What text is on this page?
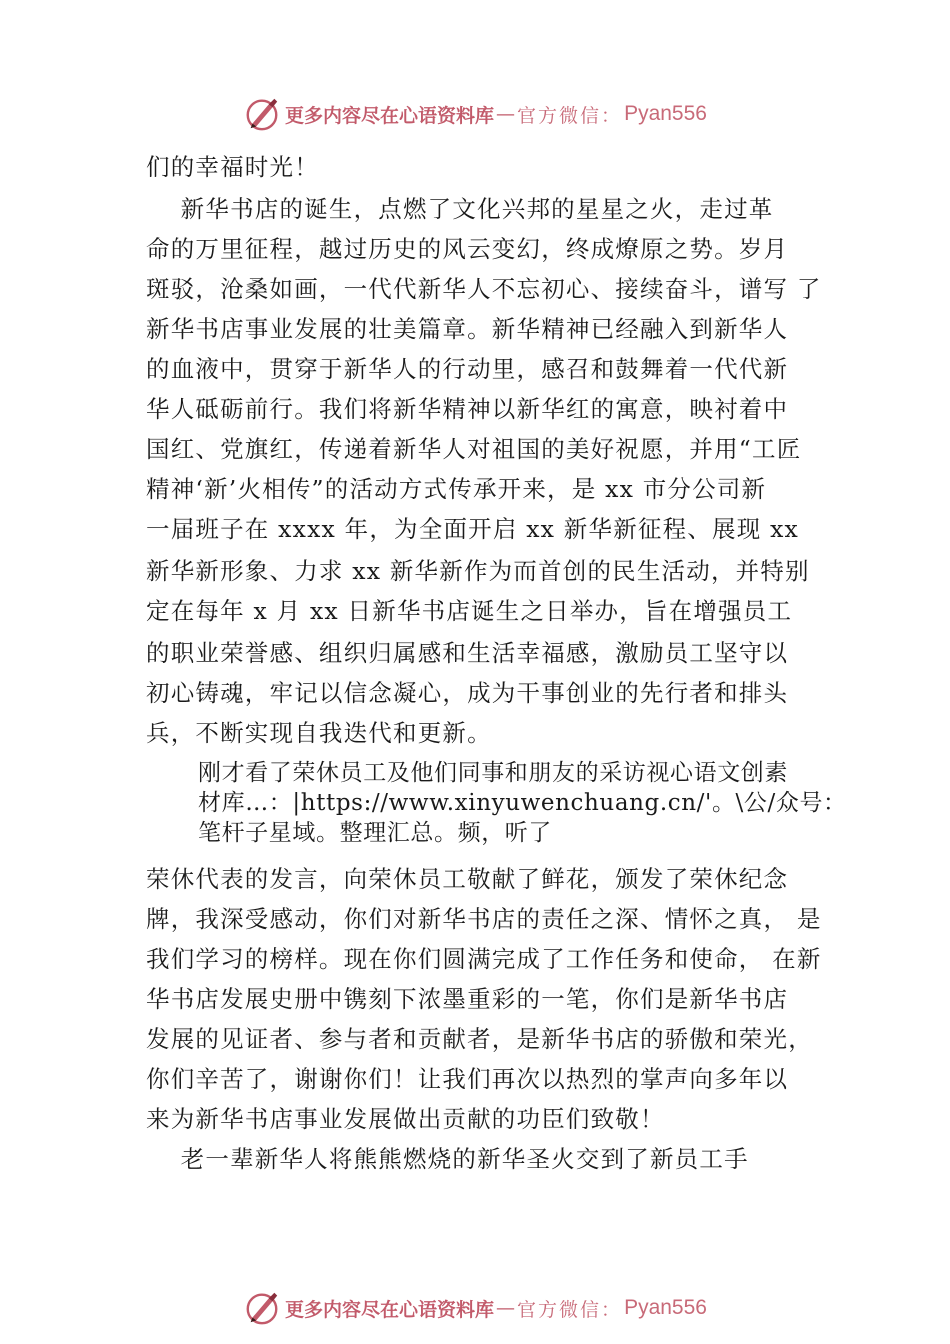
更多内容尽在心语资料库 — 官方微信： Pyan556
们的幸福时光！
新华书店的诞生，点燃了文化兴邦的星星之火，走过革
命的万里征程，越过历史的风云变幻，终成燎原之势。岁月
斑驳，沧桑如画，一代代新华人不忘初心、接续奋斗，谱写 了
新华书店事业发展的壮美篇章。新华精神已经融入到新华人
的血液中，贯穿于新华人的行动里，感召和鼓舞着一代代新
华人砥砺前行。我们将新华精神以新华红的寓意，映衬着中
国红、党旗红，传递着新华人对祖国的美好祝愿，并用“工匠
精神‘新’火相传”的活动方式传承开来，是 xx 市分公司新
一届班子在 xxxx 年，为全面开启 xx 新华新征程、展现 xx
新华新形象、力求 xx 新华新作为而首创的民生活动，并特别
定在每年 x 月 xx 日新华书店诞生之日举办，旨在增强员工
的职业荣誉感、组织归属感和生活幸福感，激励员工坚守以
初心铸魂，牢记以信念凝心，成为干事创业的先行者和排头
兵，不断实现自我迭代和更新。
刚才看了荣休员工及他们同事和朋友的采访视心语文创素
材库…：|https://www.xinyuwenchuang.cn/'。\公/众号：
笔杆子星域。整理汇总。频，听了
荣休代表的发言，向荣休员工敬献了鲜花，颁发了荣休纪念
牌，我深受感动，你们对新华书店的责任之深、情怀之真， 是
我们学习的榜样。现在你们圆满完成了工作任务和使命， 在新
华书店发展史册中镌刻下浓墨重彩的一笔，你们是新华书店
发展的见证者、参与者和贡献者，是新华书店的骄傲和荣光，
你们辛苦了，谢谢你们！让我们再次以热烈的掌声向多年以
来为新华书店事业发展做出贡献的功臣们致敬！
老一辈新华人将熊熊燃烧的新华圣火交到了新员工手
更多内容尽在心语资料库 — 官方微信： Pyan556
